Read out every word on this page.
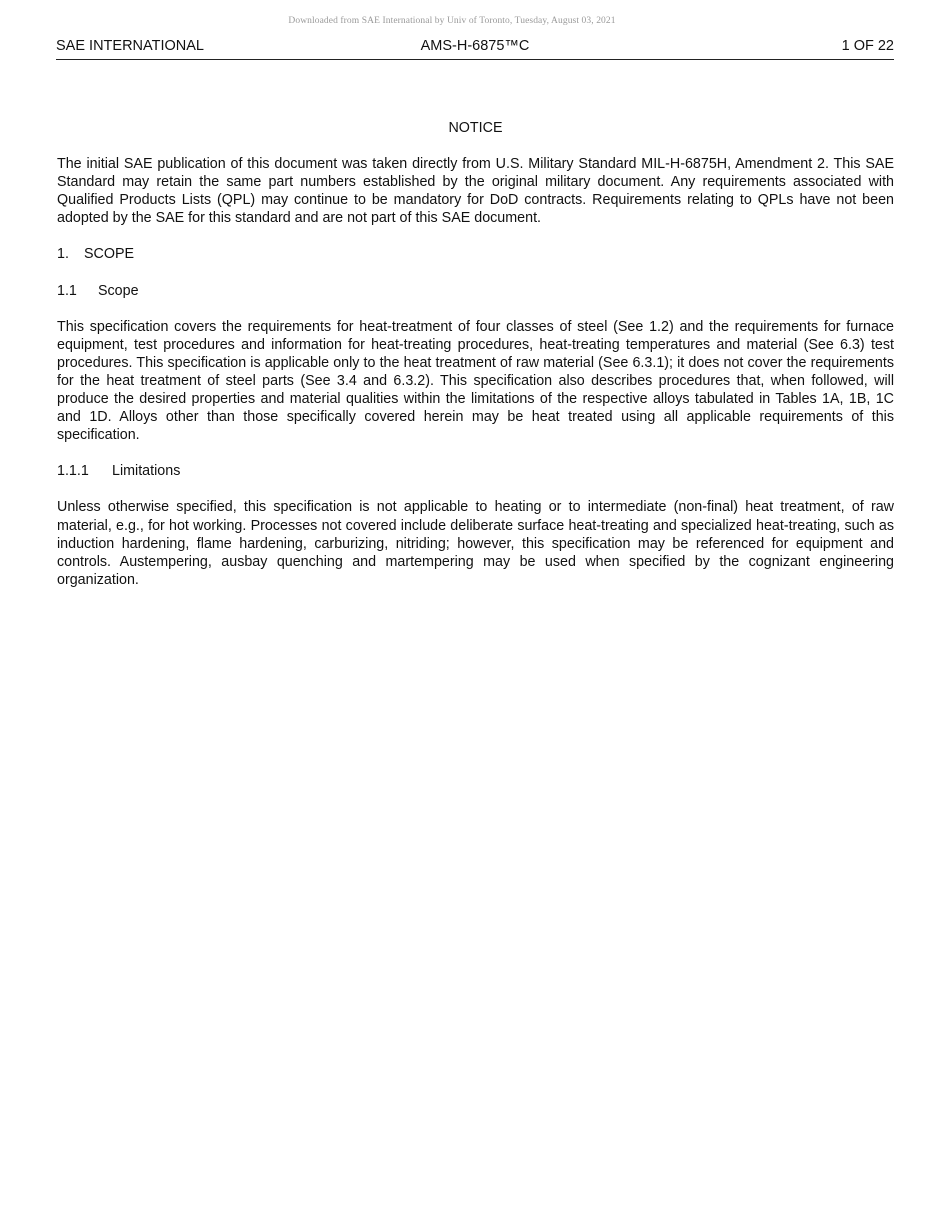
Downloaded from SAE International by Univ of Toronto, Tuesday, August 03, 2021
SAE INTERNATIONAL	AMS-H-6875™C	1 OF 22
NOTICE

The initial SAE publication of this document was taken directly from U.S. Military Standard MIL-H-6875H, Amendment 2. This SAE Standard may retain the same part numbers established by the original military document. Any requirements associated with Qualified Products Lists (QPL) may continue to be mandatory for DoD contracts. Requirements relating to QPLs have not been adopted by the SAE for this standard and are not part of this SAE document.

1. SCOPE
1.1 Scope

This specification covers the requirements for heat-treatment of four classes of steel (See 1.2) and the requirements for furnace equipment, test procedures and information for heat-treating procedures, heat-treating temperatures and material (See 6.3) test procedures. This specification is applicable only to the heat treatment of raw material (See 6.3.1); it does not cover the requirements for the heat treatment of steel parts (See 3.4 and 6.3.2). This specification also describes procedures that, when followed, will produce the desired properties and material qualities within the limitations of the respective alloys tabulated in Tables 1A, 1B, 1C and 1D. Alloys other than those specifically covered herein may be heat treated using all applicable requirements of this specification.

1.1.1 Limitations

Unless otherwise specified, this specification is not applicable to heating or to intermediate (non-final) heat treatment, of raw material, e.g., for hot working. Processes not covered include deliberate surface heat-treating and specialized heat-treating, such as induction hardening, flame hardening, carburizing, nitriding; however, this specification may be referenced for equipment and controls. Austempering, ausbay quenching and martempering may be used when specified by the cognizant engineering organization.
